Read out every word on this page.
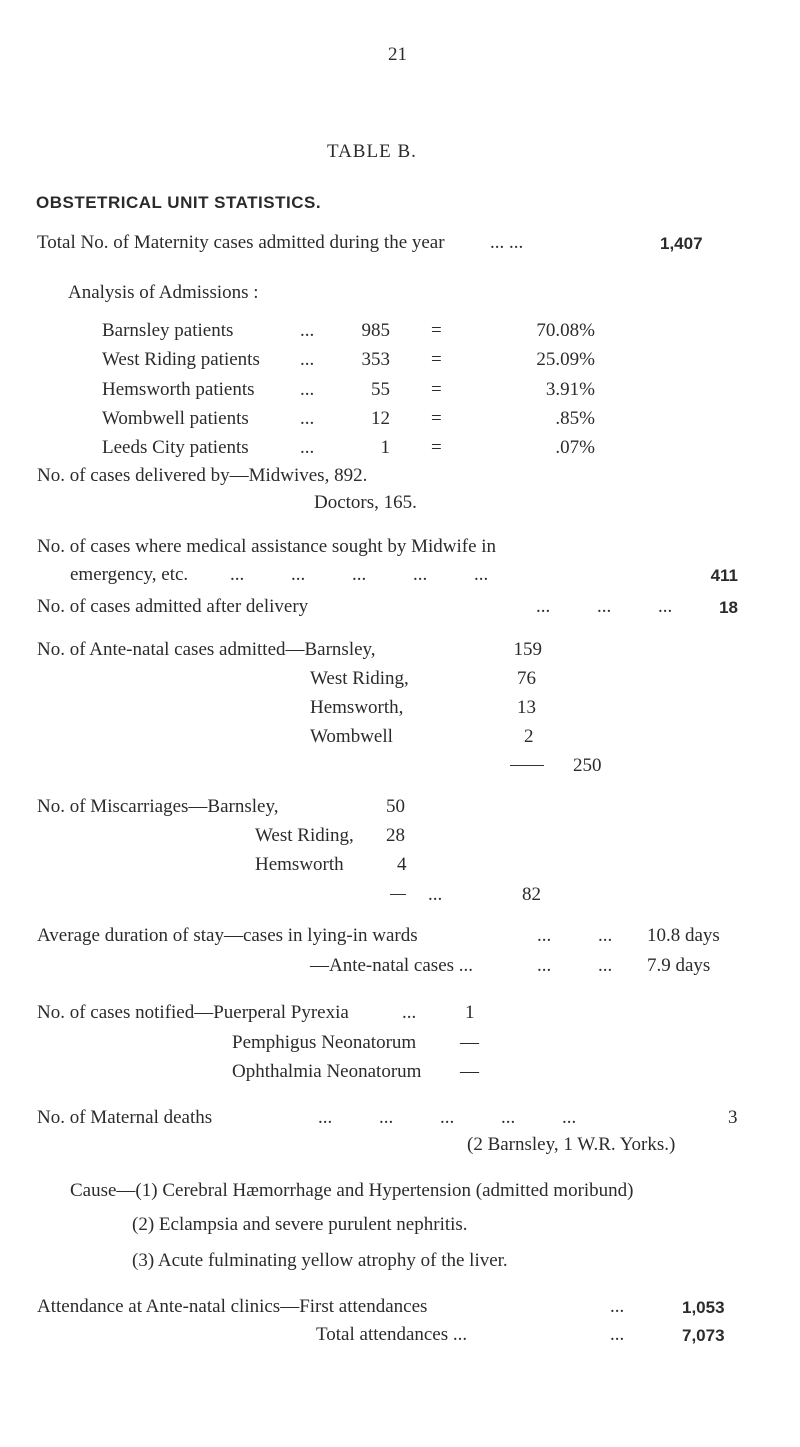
21
TABLE B.
OBSTETRICAL UNIT STATISTICS.
Total No. of Maternity cases admitted during the year ... ...	1,407
Analysis of Admissions :
Barnsley patients	...	985 =	70.08%
West Riding patients ...	353 =	25.09%
Hemsworth patients ...	55 =	3.91%
Wombwell patients	...	12 =	.85%
Leeds City patients	...	1 =	.07%
No. of cases delivered by—Midwives, 892.
Doctors, 165.
No. of cases where medical assistance sought by Midwife in
emergency, etc. ... ... ... ... ...	411
No. of cases admitted after delivery	... ... ...	18
No. of Ante-natal cases admitted—Barnsley,	159
West Riding,	76
Hemsworth,	13
Wombwell	2
250
No. of Miscarriages—Barnsley,	50
West Riding, 28
Hemsworth	4
...	82
Average duration of stay—cases in lying-in wards	... ... 10.8 days
—Ante-natal cases ...	... ... 7.9 days
No. of cases notified—Puerperal Pyrexia	...	1
Pemphigus Neonatorum —
Ophthalmia Neonatorum —
No. of Maternal deaths	... ... ... ... ...	3
(2 Barnsley, 1 W.R. Yorks.)
Cause—(1) Cerebral Hæmorrhage and Hypertension (admitted moribund)
(2) Eclampsia and severe purulent nephritis.
(3) Acute fulminating yellow atrophy of the liver.
Attendance at Ante-natal clinics—First attendances	...	1,053
Total attendances ...	...	7,073
